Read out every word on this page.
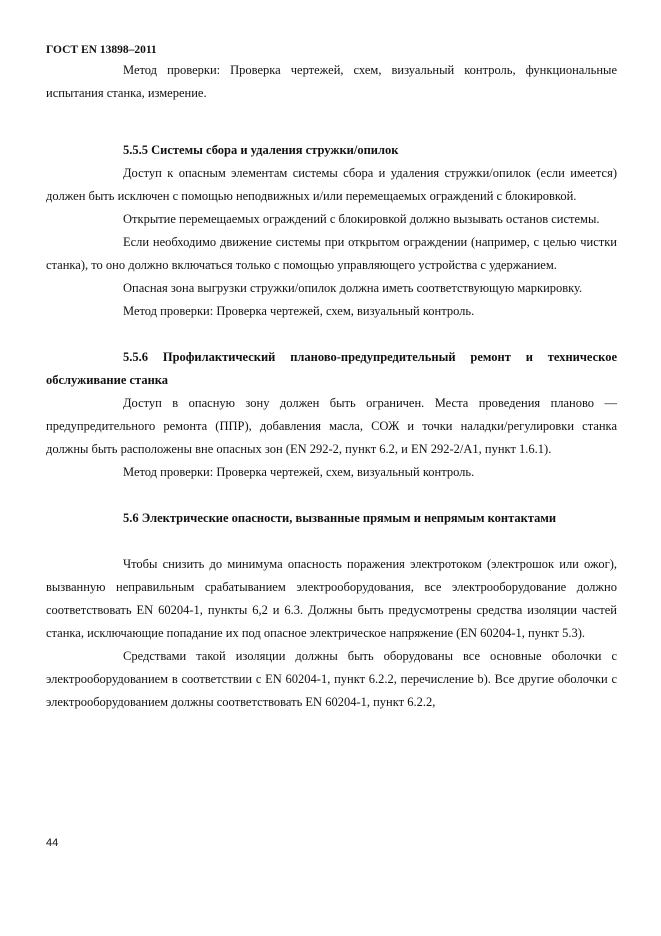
ГОСТ EN 13898–2011

Метод проверки: Проверка чертежей, схем, визуальный контроль, функциональные испытания станка, измерение.

5.5.5 Системы сбора и удаления стружки/опилок

Доступ к опасным элементам системы сбора и удаления стружки/опилок (если имеется) должен быть исключен с помощью неподвижных и/или перемещаемых ограждений с блокировкой.

Открытие перемещаемых ограждений с блокировкой должно вызывать останов системы.

Если необходимо движение системы при открытом ограждении (например, с целью чистки станка), то оно должно включаться только с помощью управляющего устройства с удержанием.

Опасная зона выгрузки стружки/опилок должна иметь соответствующую маркировку.

Метод проверки: Проверка чертежей, схем, визуальный контроль.

5.5.6 Профилактический планово-предупредительный ремонт и техническое обслуживание станка

Доступ в опасную зону должен быть ограничен. Места проведения планово — предупредительного ремонта (ППР), добавления масла, СОЖ и точки наладки/регулировки станка должны быть расположены вне опасных зон (EN 292-2, пункт 6.2, и EN 292-2/A1, пункт 1.6.1).

Метод проверки: Проверка чертежей, схем, визуальный контроль.

5.6 Электрические опасности, вызванные прямым и непрямым контактами

Чтобы снизить до минимума опасность поражения электротоком (электрошок или ожог), вызванную неправильным срабатыванием электрооборудования, все электрооборудование должно соответствовать EN 60204-1, пункты 6,2 и 6.3. Должны быть предусмотрены средства изоляции частей станка, исключающие попадание их под опасное электрическое напряжение (EN 60204-1, пункт 5.3).

Средствами такой изоляции должны быть оборудованы все основные оболочки с электрооборудованием в соответствии с EN 60204-1, пункт 6.2.2, перечисление b). Все другие оболочки с электрооборудованием должны соответствовать EN 60204-1, пункт 6.2.2,

44
